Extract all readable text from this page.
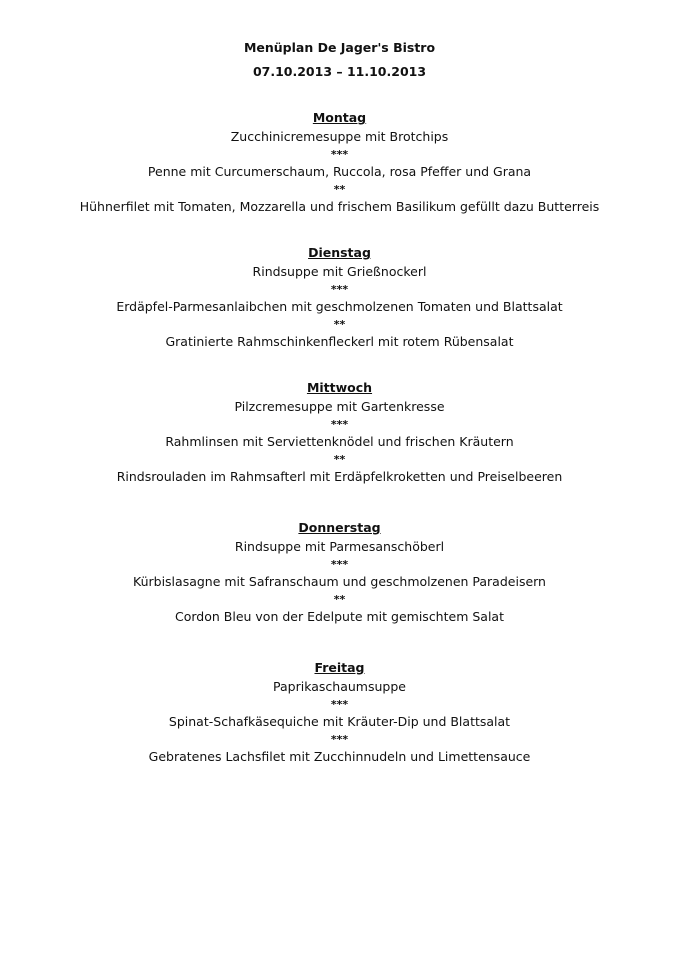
Menüplan De Jager's Bistro
07.10.2013 – 11.10.2013
Montag
Zucchinicremesuppe mit Brotchips
***
Penne mit Curcumerschaum, Ruccola, rosa Pfeffer und Grana
**
Hühnerfilet mit Tomaten, Mozzarella und frischem Basilikum gefüllt dazu Butterreis
Dienstag
Rindsuppe mit Grießnockerl
***
Erdäpfel-Parmesanlaibchen mit geschmolzenen Tomaten und Blattsalat
**
Gratinierte Rahmschinkenfleckerl mit rotem Rübensalat
Mittwoch
Pilzcremesuppe mit Gartenkresse
***
Rahmlinsen mit Serviettenknödel und frischen Kräutern
**
Rindsrouladen im Rahmsafterl mit Erdäpfelkroketten und Preiselbeeren
Donnerstag
Rindsuppe mit Parmesanschöberl
***
Kürbislasagne mit Safranschaum und geschmolzenen Paradeisern
**
Cordon Bleu von der Edelpute mit gemischtem Salat
Freitag
Paprikaschaumsuppe
***
Spinat-Schafkäsequiche mit Kräuter-Dip und Blattsalat
***
Gebratenes Lachsfilet mit Zucchinnudeln und Limettensauce
